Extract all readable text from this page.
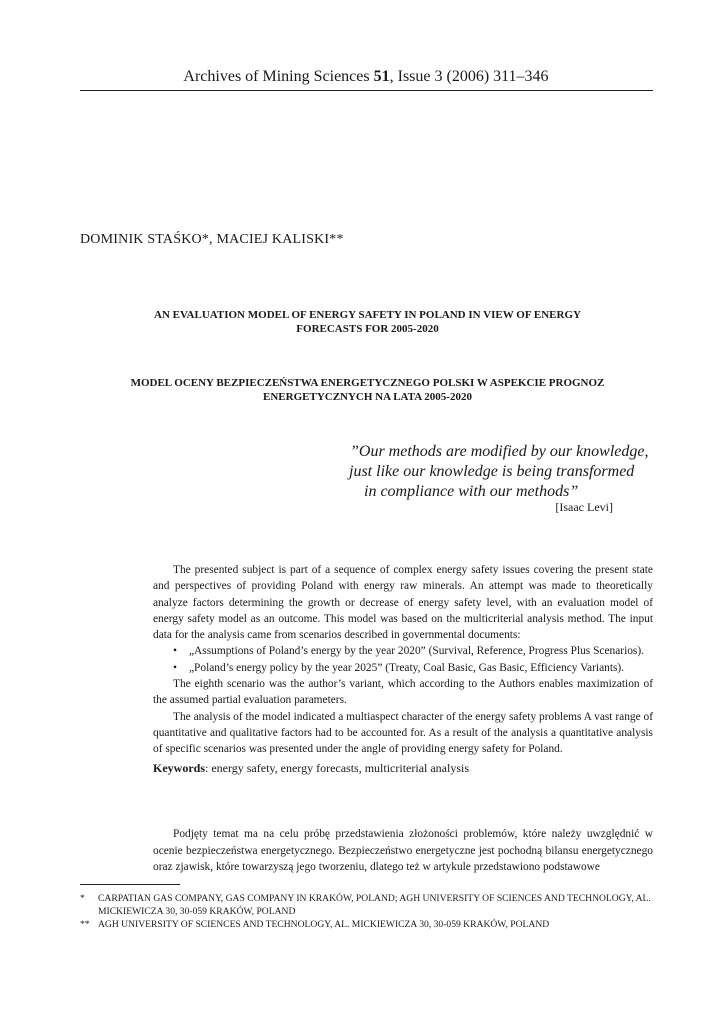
Archives of Mining Sciences 51, Issue 3 (2006) 311–346
DOMINIK STAŚKO*, MACIEJ KALISKI**
AN EVALUATION MODEL OF ENERGY SAFETY IN POLAND IN VIEW OF ENERGY FORECASTS FOR 2005-2020
MODEL OCENY BEZPIECZEŃSTWA ENERGETYCZNEGO POLSKI W ASPEKCIE PROGNOZ ENERGETYCZNYCH NA LATA 2005-2020
”Our methods are modified by our knowledge,
just like our knowledge is being transformed
in compliance with our methods”
[Isaac Levi]

The presented subject is part of a sequence of complex energy safety issues covering the present state and perspectives of providing Poland with energy raw minerals. An attempt was made to theoretically analyze factors determining the growth or decrease of energy safety level, with an evaluation model of energy safety model as an outcome. This model was based on the multicriterial analysis method. The input data for the analysis came from scenarios described in governmental documents:

• „Assumptions of Poland’s energy by the year 2020” (Survival, Reference, Progress Plus Scenarios).
• „Poland’s energy policy by the year 2025” (Treaty, Coal Basic, Gas Basic, Efficiency Variants).

The eighth scenario was the author’s variant, which according to the Authors enables maximization of the assumed partial evaluation parameters.

The analysis of the model indicated a multiaspect character of the energy safety problems A vast range of quantitative and qualitative factors had to be accounted for. As a result of the analysis a quantitative analysis of specific scenarios was presented under the angle of providing energy safety for Poland.

Keywords: energy safety, energy forecasts, multicriterial analysis

Podjęty temat ma na celu próbę przedstawienia złożoności problemów, które należy uwzględnić w ocenie bezpieczeństwa energetycznego. Bezpieczeństwo energetyczne jest pochodną bilansu energetycznego oraz zjawisk, które towarzyszą jego tworzeniu, dlatego też w artykule przedstawiono podstawowe

* CARPATIAN GAS COMPANY, GAS COMPANY IN KRAKÓW, POLAND; AGH UNIVERSITY OF SCIENCES AND TECHNOLOGY, AL. MICKIEWICZA 30, 30-059 KRAKÓW, POLAND
** AGH UNIVERSITY OF SCIENCES AND TECHNOLOGY, AL. MICKIEWICZA 30, 30-059 KRAKÓW, POLAND
